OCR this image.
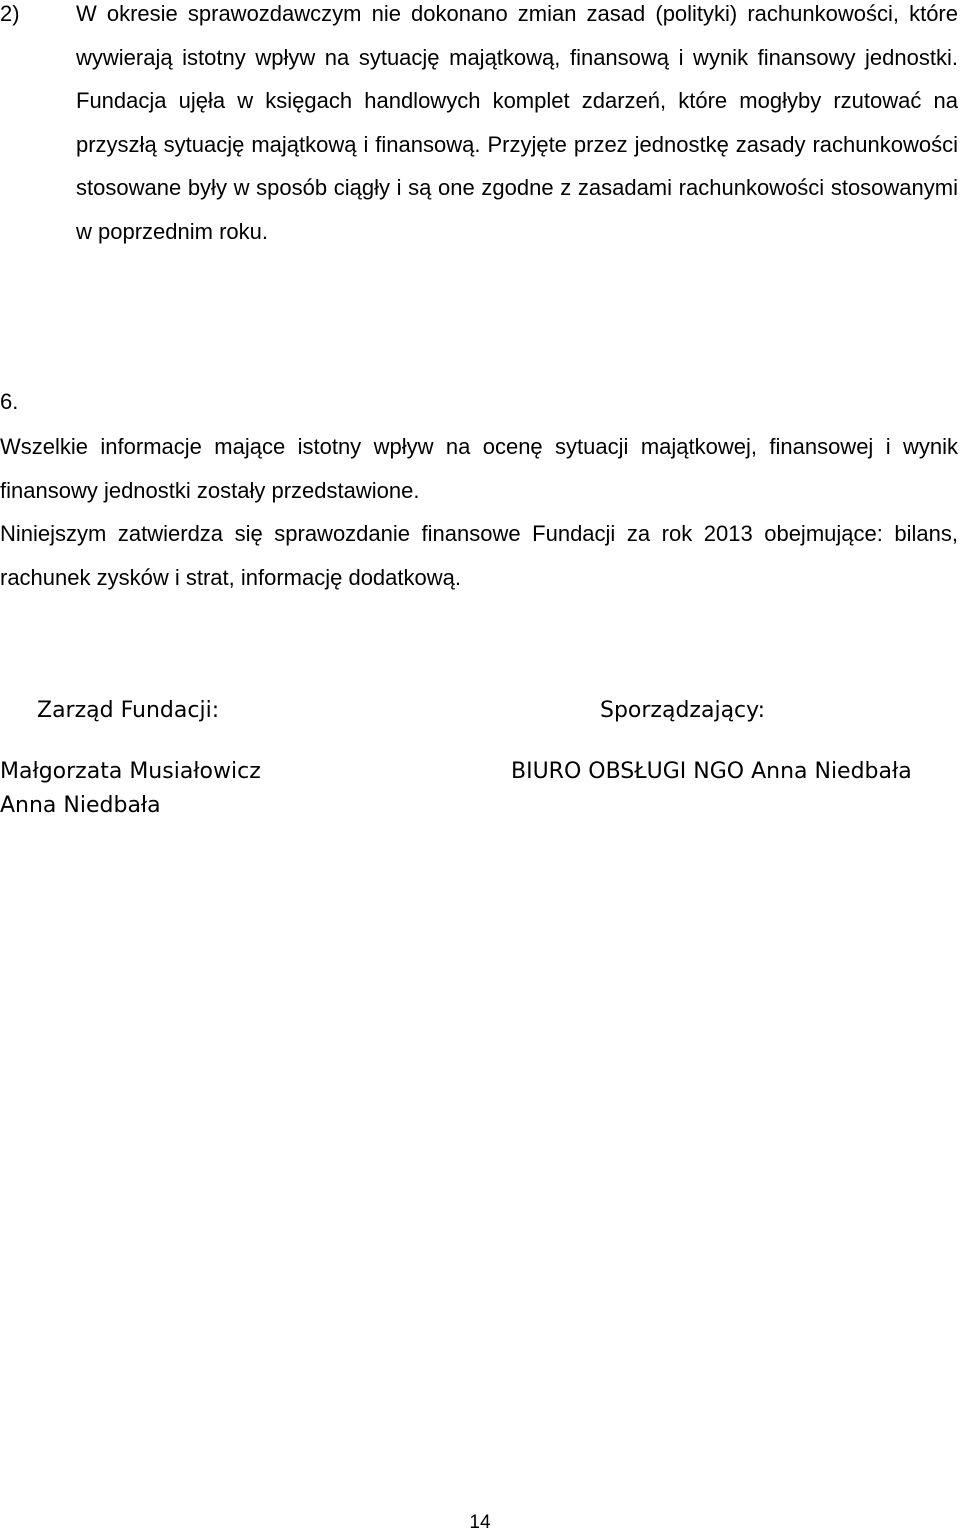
2)	W okresie sprawozdawczym nie dokonano zmian zasad (polityki) rachunkowości, które wywierają istotny wpływ na sytuację majątkową, finansową i wynik finansowy jednostki. Fundacja ujęła w księgach handlowych komplet zdarzeń, które mogłyby rzutować na przyszłą sytuację majątkową i finansową. Przyjęte przez jednostkę zasady rachunkowości stosowane były w sposób ciągły i są one zgodne z zasadami rachunkowości stosowanymi w poprzednim roku.
6.
Wszelkie informacje mające istotny wpływ na ocenę sytuacji majątkowej, finansowej i wynik finansowy jednostki zostały przedstawione.
Niniejszym zatwierdza się sprawozdanie finansowe Fundacji za rok 2013 obejmujące: bilans, rachunek zysków i strat, informację dodatkową.
Zarząd Fundacji:	Sporządzający:
Małgorzata Musiałowicz
Anna Niedbała
BIURO OBSŁUGI NGO Anna Niedbała
14
